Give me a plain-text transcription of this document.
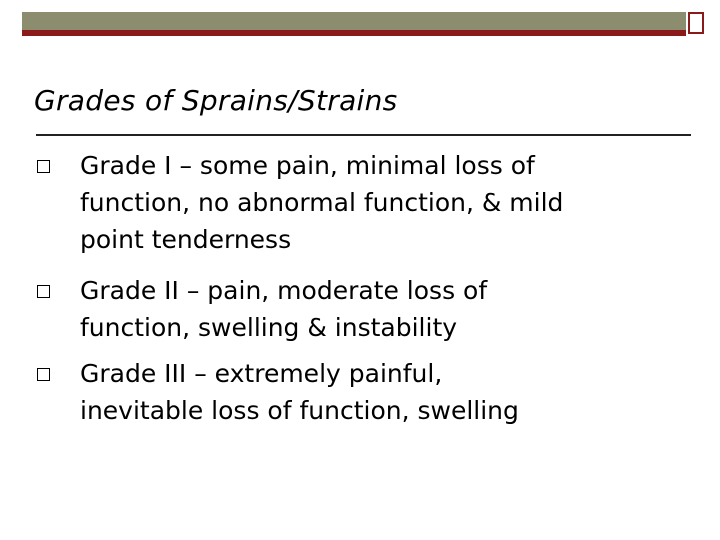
Grades of Sprains/Strains
Grade I – some pain, minimal loss of
function, no abnormal function, & mild
point tenderness
Grade II – pain, moderate loss of
function, swelling & instability
Grade III – extremely painful,
inevitable loss of function, swelling
